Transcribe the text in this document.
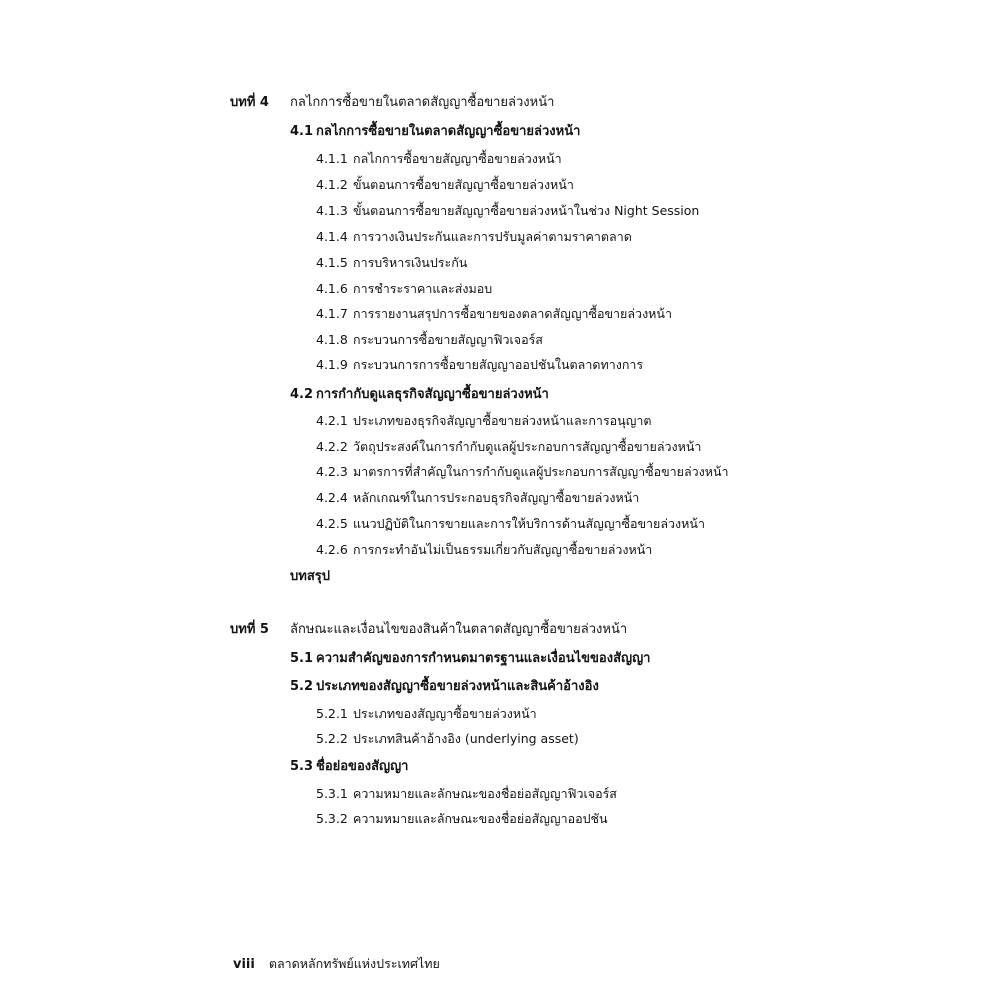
บทที่ 4 กลไกการซื้อขายในตลาดสัญญาซื้อขายล่วงหน้า
4.1 กลไกการซื้อขายในตลาดสัญญาซื้อขายล่วงหน้า
4.1.1 กลไกการซื้อขายสัญญาซื้อขายล่วงหน้า
4.1.2 ขั้นตอนการซื้อขายสัญญาซื้อขายล่วงหน้า
4.1.3 ขั้นตอนการซื้อขายสัญญาซื้อขายล่วงหน้าในช่วง Night Session
4.1.4 การวางเงินประกันและการปรับมูลค่าตามราคาตลาด
4.1.5 การบริหารเงินประกัน
4.1.6 การชำระราคาและส่งมอบ
4.1.7 การรายงานสรุปการซื้อขายของตลาดสัญญาซื้อขายล่วงหน้า
4.1.8 กระบวนการซื้อขายสัญญาฟิวเจอร์ส
4.1.9 กระบวนการการซื้อขายสัญญาออปชันในตลาดทางการ
4.2 การกำกับดูแลธุรกิจสัญญาซื้อขายล่วงหน้า
4.2.1 ประเภทของธุรกิจสัญญาซื้อขายล่วงหน้าและการอนุญาต
4.2.2 วัตถุประสงค์ในการกำกับดูแลผู้ประกอบการสัญญาซื้อขายล่วงหน้า
4.2.3 มาตรการที่สำคัญในการกำกับดูแลผู้ประกอบการสัญญาซื้อขายล่วงหน้า
4.2.4 หลักเกณฑ์ในการประกอบธุรกิจสัญญาซื้อขายล่วงหน้า
4.2.5 แนวปฏิบัติในการขายและการให้บริการด้านสัญญาซื้อขายล่วงหน้า
4.2.6 การกระทำอันไม่เป็นธรรมเกี่ยวกับสัญญาซื้อขายล่วงหน้า
บทสรุป
บทที่ 5 ลักษณะและเงื่อนไขของสินค้าในตลาดสัญญาซื้อขายล่วงหน้า
5.1 ความสำคัญของการกำหนดมาตรฐานและเงื่อนไขของสัญญา
5.2 ประเภทของสัญญาซื้อขายล่วงหน้าและสินค้าอ้างอิง
5.2.1 ประเภทของสัญญาซื้อขายล่วงหน้า
5.2.2 ประเภทสินค้าอ้างอิง (underlying asset)
5.3 ชื่อย่อของสัญญา
5.3.1 ความหมายและลักษณะของชื่อย่อสัญญาฟิวเจอร์ส
5.3.2 ความหมายและลักษณะของชื่อย่อสัญญาออปชัน
viii ตลาดหลักทรัพย์แห่งประเทศไทย
